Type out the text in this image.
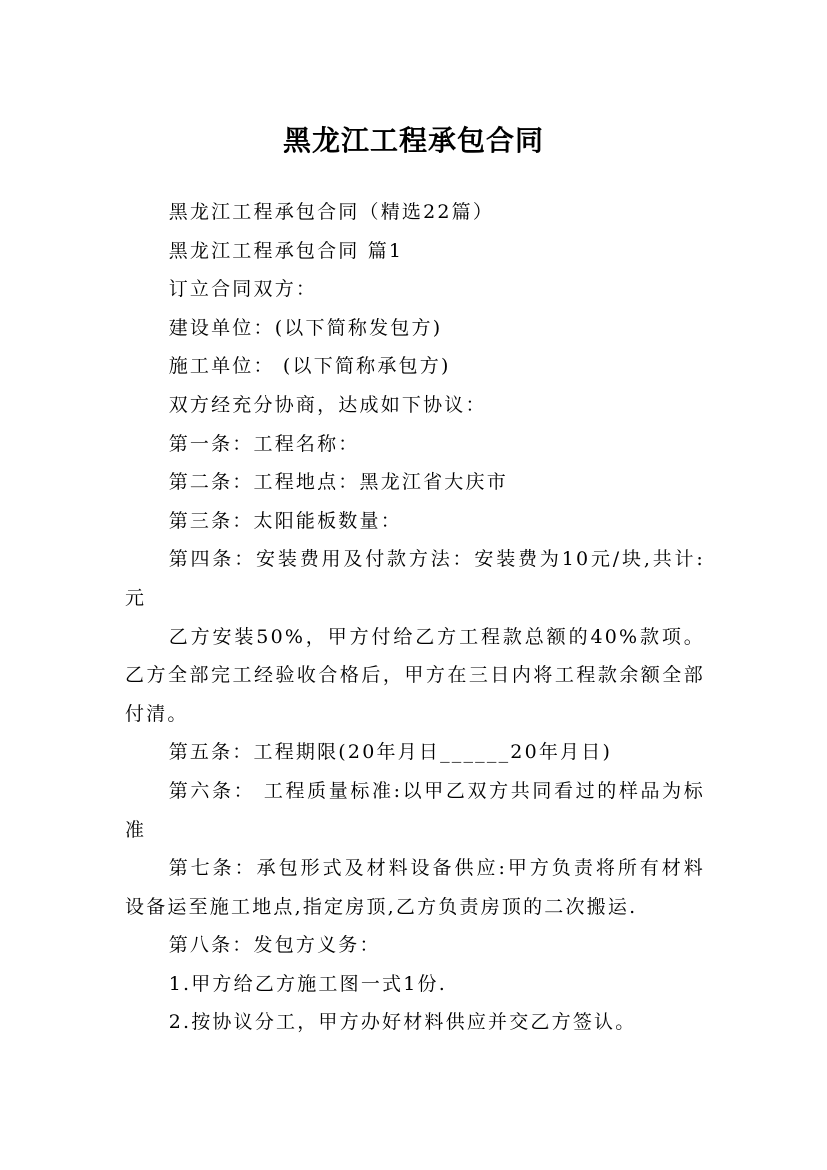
黑龙江工程承包合同

黑龙江工程承包合同（精选22篇）

黑龙江工程承包合同 篇1

订立合同双方：

建设单位：(以下简称发包方)

施工单位： (以下简称承包方)

双方经充分协商，达成如下协议：

第一条：工程名称：

第二条：工程地点：黑龙江省大庆市

第三条：太阳能板数量：

第四条：安装费用及付款方法：安装费为10元/块,共计: 元

乙方安装50%，甲方付给乙方工程款总额的40%款项。乙方全部完工经验收合格后，甲方在三日内将工程款余额全部付清。

第五条：工程期限(20年月日______20年月日)

第六条： 工程质量标准:以甲乙双方共同看过的样品为标准

第七条：承包形式及材料设备供应:甲方负责将所有材料设备运至施工地点,指定房顶,乙方负责房顶的二次搬运.

第八条：发包方义务：

1.甲方给乙方施工图一式1份.

2.按协议分工，甲方办好材料供应并交乙方签认。
